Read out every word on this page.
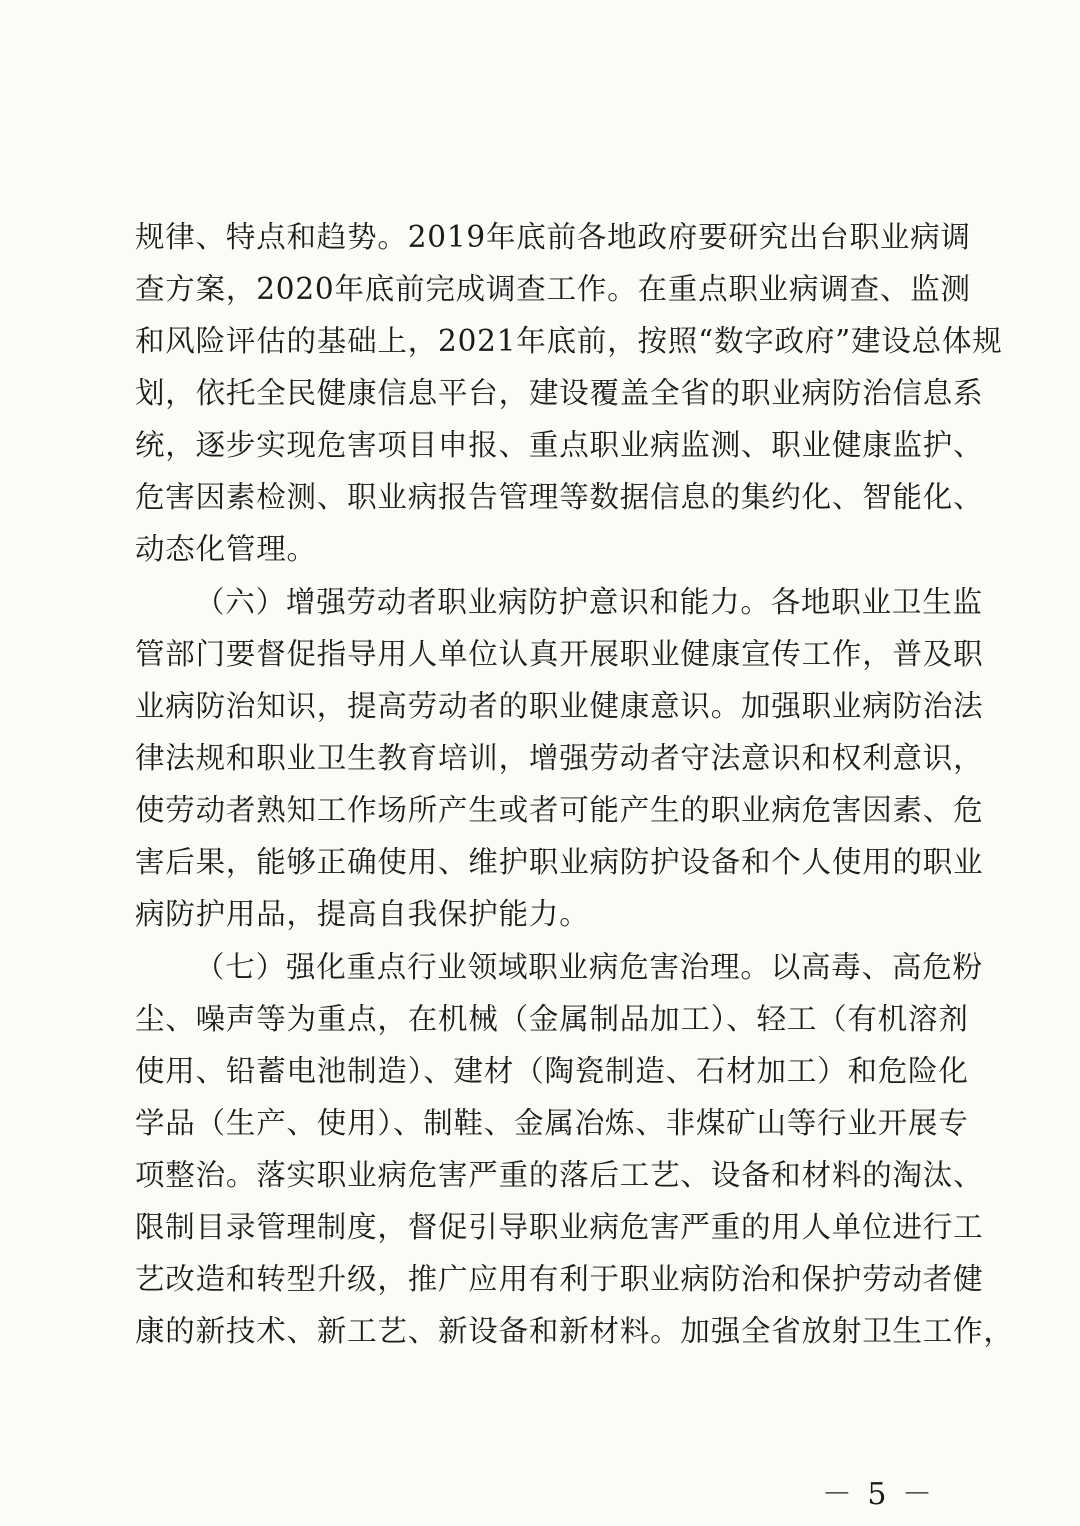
规律、特点和趋势。2019年底前各地政府要研究出台职业病调
查方案，2020年底前完成调查工作。在重点职业病调查、监测
和风险评估的基础上，2021年底前，按照“数字政府”建设总体规
划，依托全民健康信息平台，建设覆盖全省的职业病防治信息系
统，逐步实现危害项目申报、重点职业病监测、职业健康监护、
危害因素检测、职业病报告管理等数据信息的集约化、智能化、
动态化管理。
（六）增强劳动者职业病防护意识和能力。各地职业卫生监
管部门要督促指导用人单位认真开展职业健康宣传工作，普及职
业病防治知识，提高劳动者的职业健康意识。加强职业病防治法
律法规和职业卫生教育培训，增强劳动者守法意识和权利意识，
使劳动者熟知工作场所产生或者可能产生的职业病危害因素、危
害后果，能够正确使用、维护职业病防护设备和个人使用的职业
病防护用品，提高自我保护能力。
（七）强化重点行业领域职业病危害治理。以高毒、高危粉
尘、噪声等为重点，在机械（金属制品加工）、轻工（有机溶剂
使用、铅蓄电池制造）、建材（陶瓷制造、石材加工）和危险化
学品（生产、使用）、制鞋、金属冶炼、非煤矿山等行业开展专
项整治。落实职业病危害严重的落后工艺、设备和材料的淘汰、
限制目录管理制度，督促引导职业病危害严重的用人单位进行工
艺改造和转型升级，推广应用有利于职业病防治和保护劳动者健
康的新技术、新工艺、新设备和新材料。加强全省放射卫生工作，
－ 5 －
